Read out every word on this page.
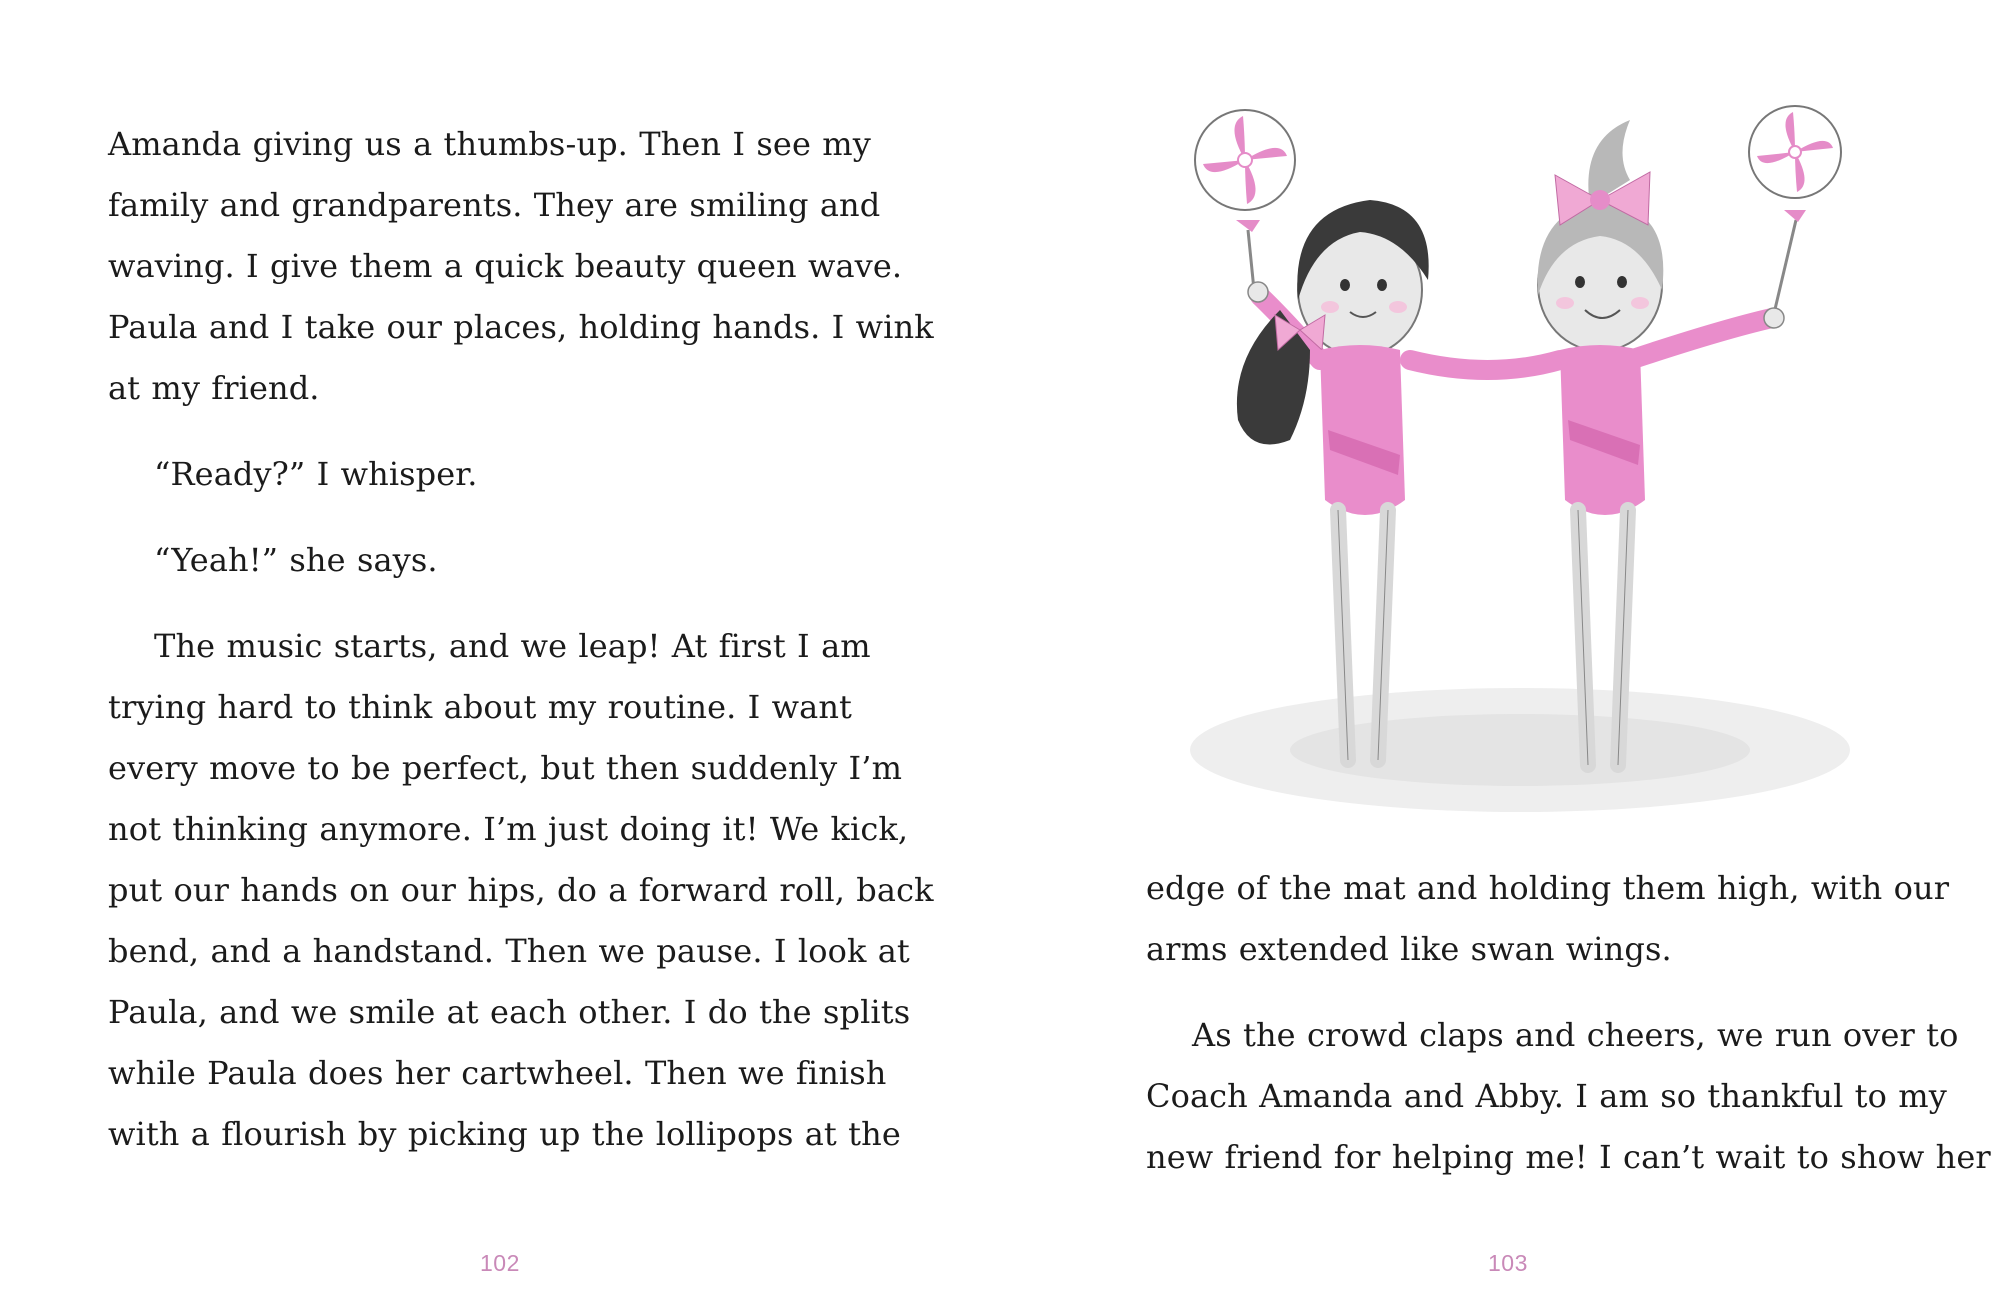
Amanda giving us a thumbs-up. Then I see my
family and grandparents. They are smiling and
waving. I give them a quick beauty queen wave.
Paula and I take our places, holding hands. I wink
at my friend.

“Ready?” I whisper.

“Yeah!” she says.

The music starts, and we leap! At first I am
trying hard to think about my routine. I want
every move to be perfect, but then suddenly I’m
not thinking anymore. I’m just doing it! We kick,
put our hands on our hips, do a forward roll, back
bend, and a handstand. Then we pause. I look at
Paula, and we smile at each other. I do the splits
while Paula does her cartwheel. Then we finish
with a flourish by picking up the lollipops at the

102

edge of the mat and holding them high, with our
arms extended like swan wings.

As the crowd claps and cheers, we run over to
Coach Amanda and Abby. I am so thankful to my
new friend for helping me! I can’t wait to show her

103
